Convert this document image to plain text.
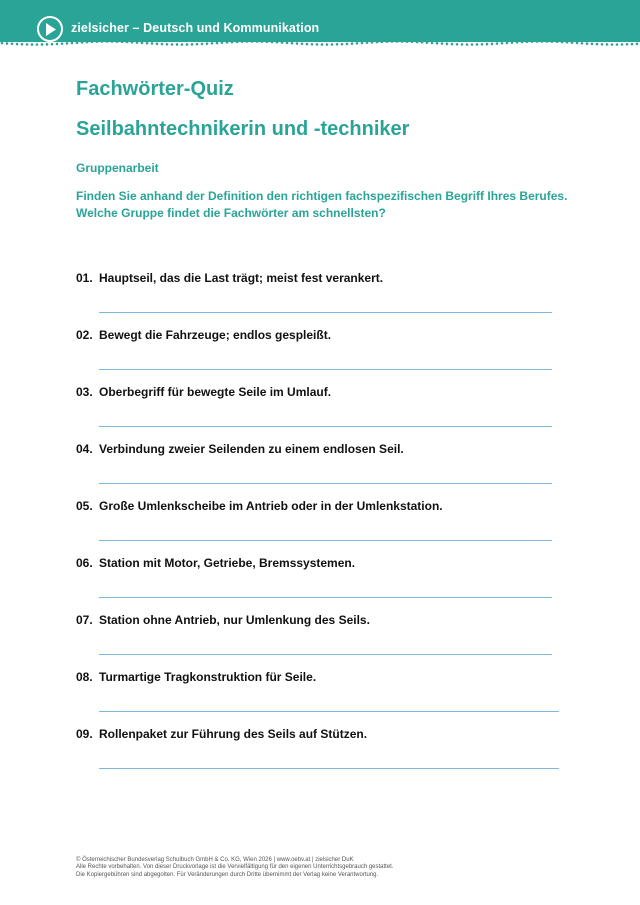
zielsicher – Deutsch und Kommunikation
Fachwörter-Quiz
Seilbahntechnikerin und -techniker
Gruppenarbeit
Finden Sie anhand der Definition den richtigen fachspezifischen Begriff Ihres Berufes.
Welche Gruppe findet die Fachwörter am schnellsten?
01. Hauptseil, das die Last trägt; meist fest verankert.
02. Bewegt die Fahrzeuge; endlos gespleißt.
03. Oberbegriff für bewegte Seile im Umlauf.
04. Verbindung zweier Seilenden zu einem endlosen Seil.
05. Große Umlenkscheibe im Antrieb oder in der Umlenkstation.
06. Station mit Motor, Getriebe, Bremssystemen.
07. Station ohne Antrieb, nur Umlenkung des Seils.
08. Turmartige Tragkonstruktion für Seile.
09. Rollenpaket zur Führung des Seils auf Stützen.
© Österreichischer Bundesverlag Schulbuch GmbH & Co. KG, Wien 2026 | www.oebv.at | zielsicher DuK
Alle Rechte vorbehalten. Von dieser Druckvorlage ist die Vervielfältigung für den eigenen Unterrichtsgebrauch gestattet.
Die Kopiergebühren sind abgegolten. Für Veränderungen durch Dritte übernimmt der Verlag keine Verantwortung.
